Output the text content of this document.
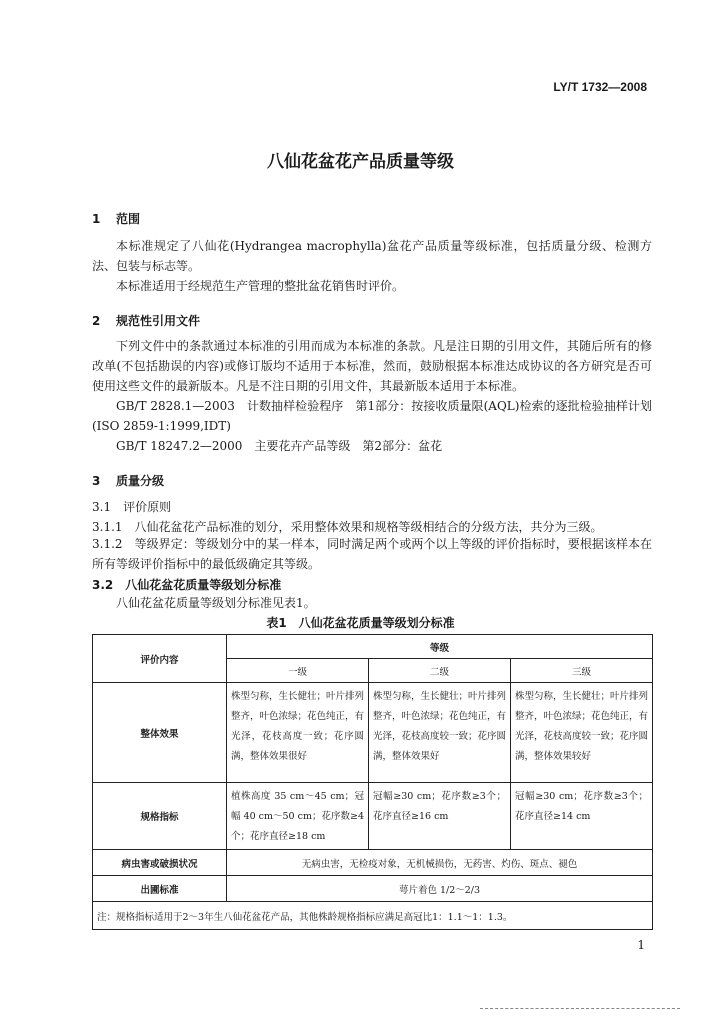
LY/T 1732—2008
八仙花盆花产品质量等级
1 范围
本标准规定了八仙花(Hydrangea macrophylla)盆花产品质量等级标准，包括质量分级、检测方法、包装与标志等。
本标准适用于经规范生产管理的整批盆花销售时评价。
2 规范性引用文件
下列文件中的条款通过本标准的引用而成为本标准的条款。凡是注日期的引用文件，其随后所有的修改单(不包括勘误的内容)或修订版均不适用于本标准，然而，鼓励根据本标准达成协议的各方研究是否可使用这些文件的最新版本。凡是不注日期的引用文件，其最新版本适用于本标准。
GB/T 2828.1—2003　计数抽样检验程序　第1部分：按接收质量限(AQL)检索的逐批检验抽样计划(ISO 2859-1:1999,IDT)
GB/T 18247.2—2000　主要花卉产品等级　第2部分：盆花
3 质量分级
3.1　评价原则
3.1.1　八仙花盆花产品标准的划分，采用整体效果和规格等级相结合的分级方法，共分为三级。
3.1.2　等级界定：等级划分中的某一样本，同时满足两个或两个以上等级的评价指标时，要根据该样本在所有等级评价指标中的最低级确定其等级。
3.2　八仙花盆花质量等级划分标准
八仙花盆花质量等级划分标准见表1。
表1　八仙花盆花质量等级划分标准
评价内容	等级		
	一级	二级	三级
整体效果	株型匀称，生长健壮；叶片排列整齐，叶色浓绿；花色纯正，有光泽，花枝高度一致；花序圆满，整体效果很好	株型匀称，生长健壮；叶片排列整齐，叶色浓绿；花色纯正，有光泽，花枝高度较一致；花序圆满，整体效果好	株型匀称，生长健壮；叶片排列整齐，叶色浓绿；花色纯正，有光泽，花枝高度较一致；花序圆满，整体效果较好
规格指标	植株高度 35 cm～45 cm；冠幅 40 cm～50 cm；花序数≥4个；花序直径≥18 cm	冠幅≥30 cm；花序数≥3个；花序直径≥16 cm	冠幅≥30 cm；花序数≥3个；花序直径≥14 cm
病虫害或破损状况	无病虫害，无检疫对象，无机械损伤，无药害、灼伤、斑点、褪色		
出圃标准	萼片着色 1/2～2/3		
注：规格指标适用于2～3年生八仙花盆花产品，其他株龄规格指标应满足高冠比1：1.1～1：1.3。			
1
